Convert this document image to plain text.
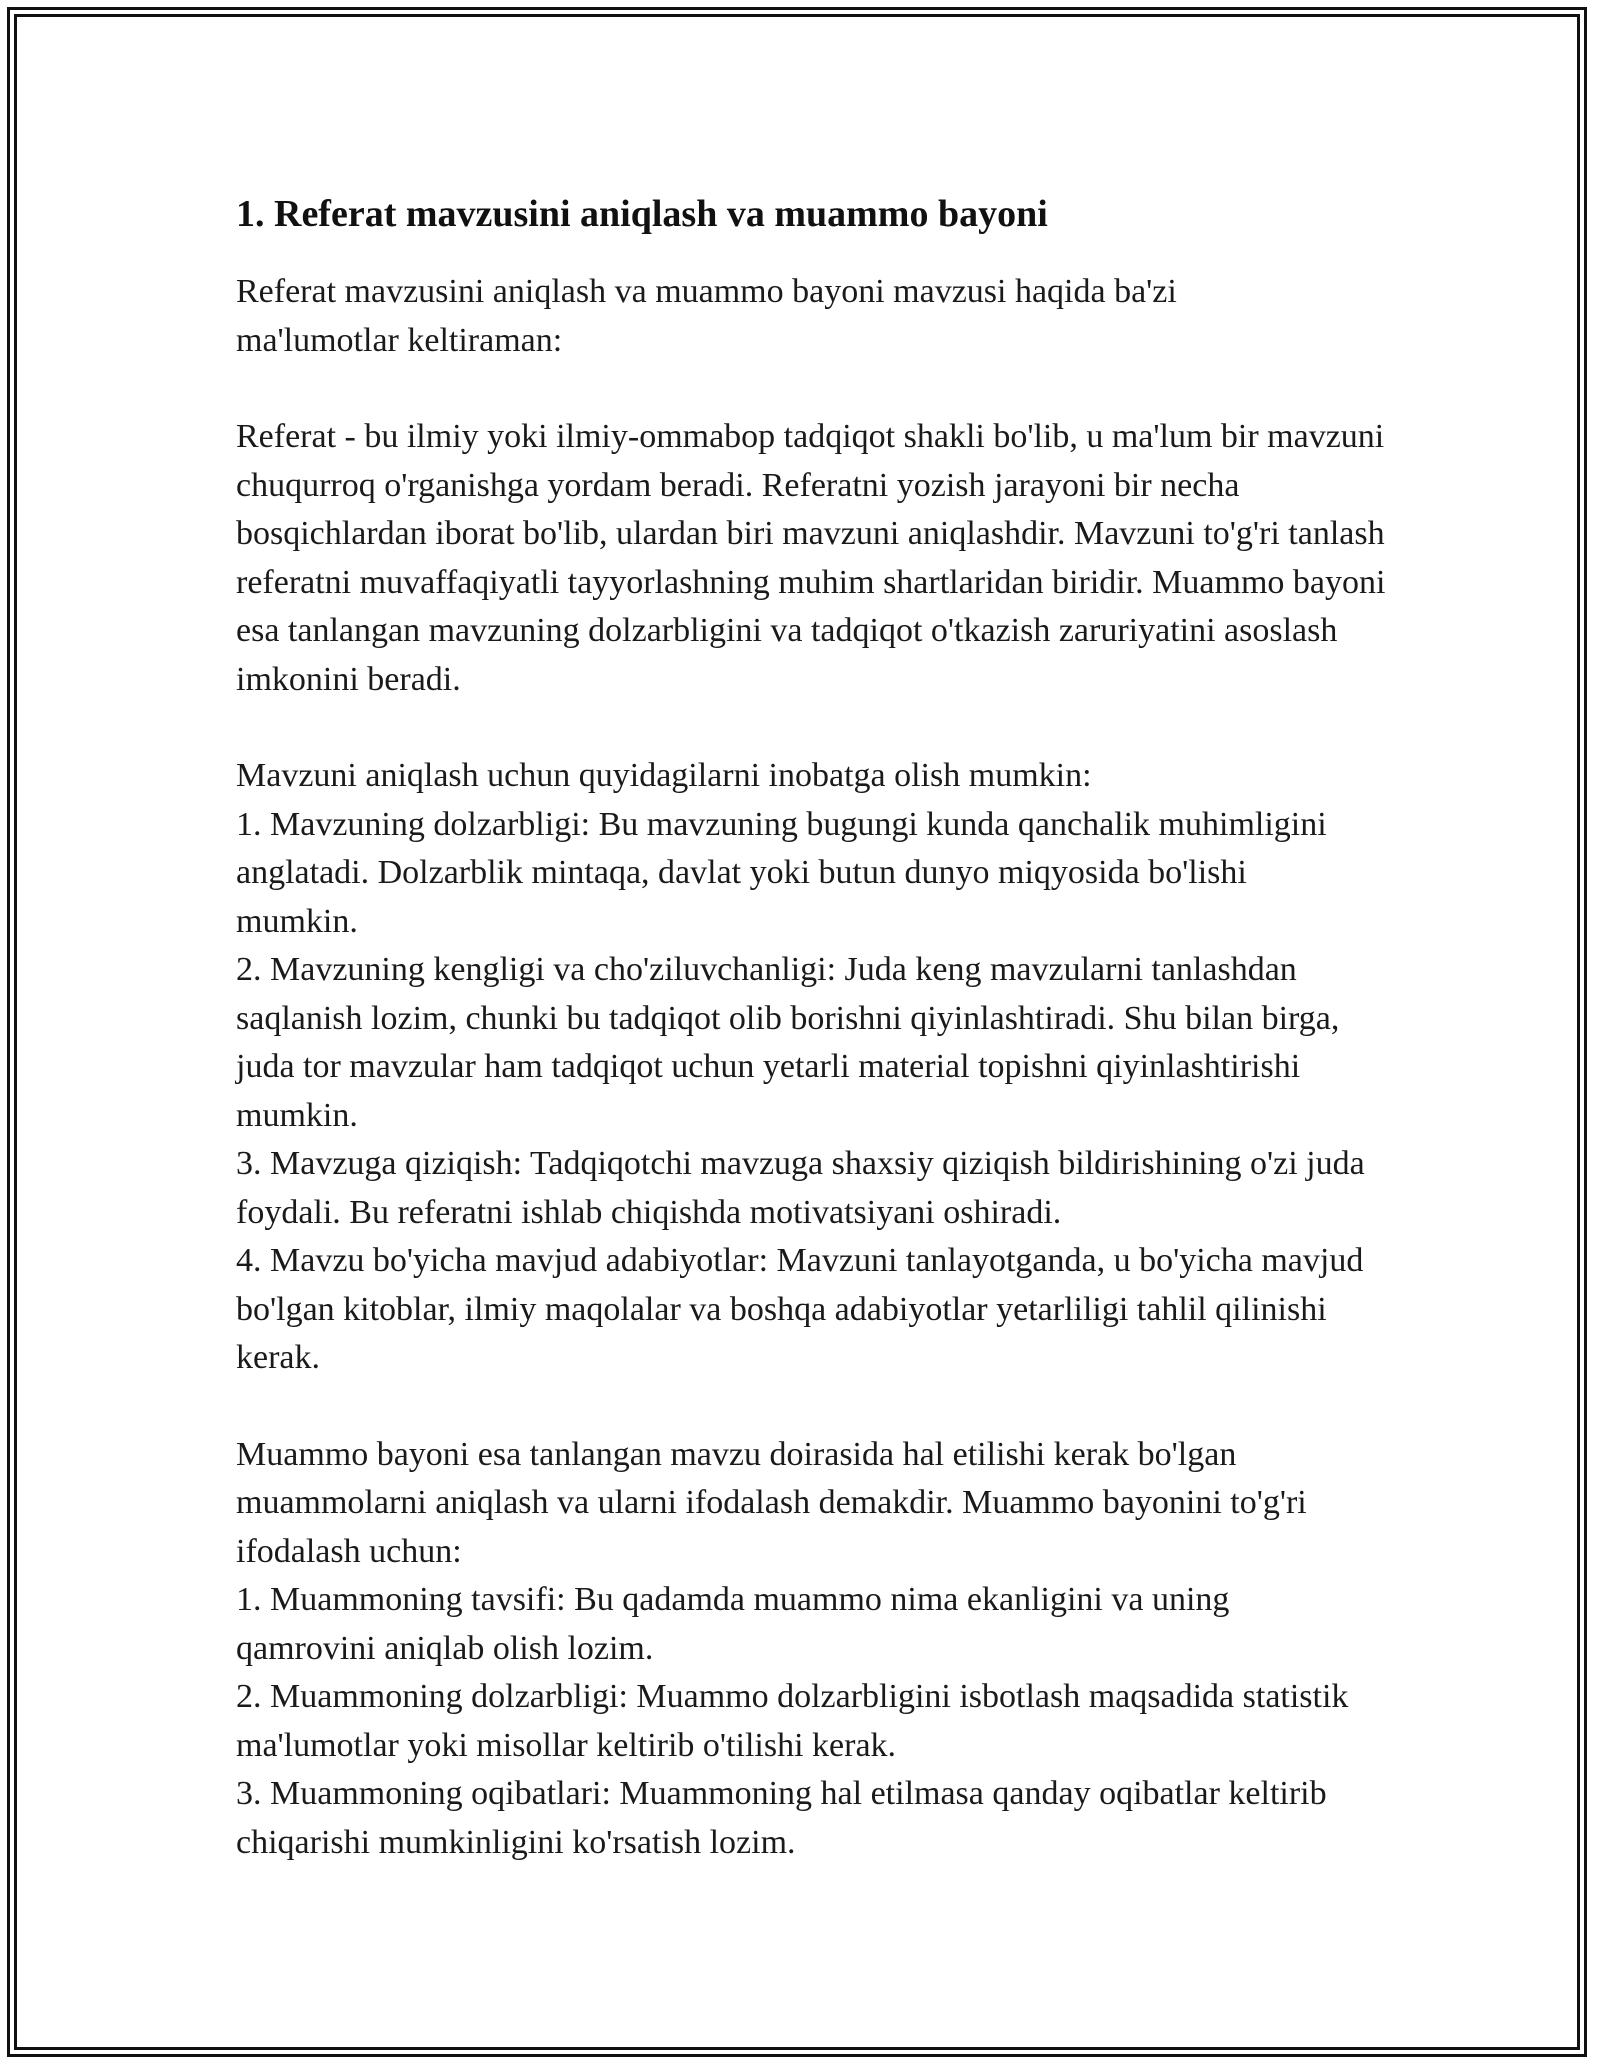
1. Referat mavzusini aniqlash va muammo bayoni

Referat mavzusini aniqlash va muammo bayoni mavzusi haqida ba'zi ma'lumotlar keltiraman:

Referat - bu ilmiy yoki ilmiy-ommabop tadqiqot shakli bo'lib, u ma'lum bir mavzuni chuqurroq o'rganishga yordam beradi. Referatni yozish jarayoni bir necha bosqichlardan iborat bo'lib, ulardan biri mavzuni aniqlashdir. Mavzuni to'g'ri tanlash referatni muvaffaqiyatli tayyorlashning muhim shartlaridan biridir. Muammo bayoni esa tanlangan mavzuning dolzarbligini va tadqiqot o'tkazish zaruriyatini asoslash imkonini beradi.

Mavzuni aniqlash uchun quyidagilarni inobatga olish mumkin:

1. Mavzuning dolzarbligi: Bu mavzuning bugungi kunda qanchalik muhimligini anglatadi. Dolzarblik mintaqa, davlat yoki butun dunyo miqyosida bo'lishi mumkin.

2. Mavzuning kengligi va cho'ziluvchanligi: Juda keng mavzularni tanlashdan saqlanish lozim, chunki bu tadqiqot olib borishni qiyinlashtiradi. Shu bilan birga, juda tor mavzular ham tadqiqot uchun yetarli material topishni qiyinlashtirishi mumkin.

3. Mavzuga qiziqish: Tadqiqotchi mavzuga shaxsiy qiziqish bildirishining o'zi juda foydali. Bu referatni ishlab chiqishda motivatsiyani oshiradi.

4. Mavzu bo'yicha mavjud adabiyotlar: Mavzuni tanlayotganda, u bo'yicha mavjud bo'lgan kitoblar, ilmiy maqolalar va boshqa adabiyotlar yetarliligi tahlil qilinishi kerak.

Muammo bayoni esa tanlangan mavzu doirasida hal etilishi kerak bo'lgan muammolarni aniqlash va ularni ifodalash demakdir. Muammo bayonini to'g'ri ifodalash uchun:

1. Muammoning tavsifi: Bu qadamda muammo nima ekanligini va uning qamrovini aniqlab olish lozim.

2. Muammoning dolzarbligi: Muammo dolzarbligini isbotlash maqsadida statistik ma'lumotlar yoki misollar keltirib o'tilishi kerak.

3. Muammoning oqibatlari: Muammoning hal etilmasa qanday oqibatlar keltirib chiqarishi mumkinligini ko'rsatish lozim.
